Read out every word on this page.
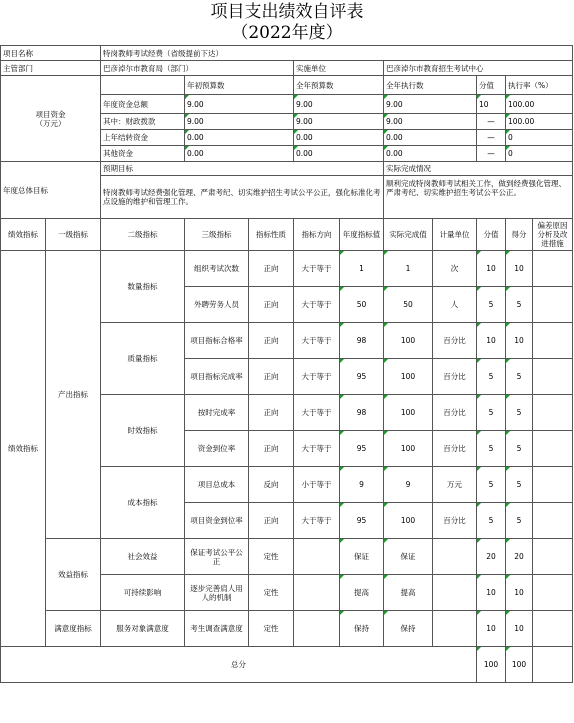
项目支出绩效自评表
（2022年度）
项目名称		特岗教师考试经费（省级提前下达）										
主管部门		巴彦淖尔市教育局（部门）			实施单位		巴彦淖尔市教育招生考试中心					
项目资金
（万元）			年初预算数		全年预算数		全年执行数		分值	执行率（%）	
		年度资金总额	9.00		9.00		9.00		10	100.00	
		其中：财政拨款	9.00		9.00		9.00		—	100.00	
		上年结转资金	0.00		0.00		0.00		—	0	
		其他资金	0.00		0.00		0.00		—	0	
年度总体目标		预期目标					实际完成情况					
		特岗教师考试经费强化管理、严肃考纪、切实维护招生考试公平公正，强化标准化考点设施的维护和管理工作。					顺利完成特岗教师考试相关工作，做到经费强化管理、严肃考纪、切实维护招生考试公平公正。					
绩效指标	一级指标	二级指标	三级指标	指标性质	指标方向	年度指标值	实际完成值	计量单位	分值	得分	偏差原因分析及改进措施	
绩效指标	产出指标	数量指标	组织考试次数	正向	大于等于	1	1	次	10	10		
			外聘劳务人员	正向	大于等于	50	50	人	5	5		
		质量指标	项目指标合格率	正向	大于等于	98	100	百分比	10	10		
			项目指标完成率	正向	大于等于	95	100	百分比	5	5		
		时效指标	按时完成率	正向	大于等于	98	100	百分比	5	5		
			资金到位率	正向	大于等于	95	100	百分比	5	5		
		成本指标	项目总成本	反向	小于等于	9	9	万元	5	5		
			项目资金到位率	正向	大于等于	95	100	百分比	5	5		
	效益指标	社会效益	保证考试公平公正	定性		保证	保证		20	20		
		可持续影响	逐步完善肩人用人的机制	定性		提高	提高		10	10		
	满意度指标	服务对象满意度	考生调查满意度	定性		保持	保持		10	10		
总分									100	100		
